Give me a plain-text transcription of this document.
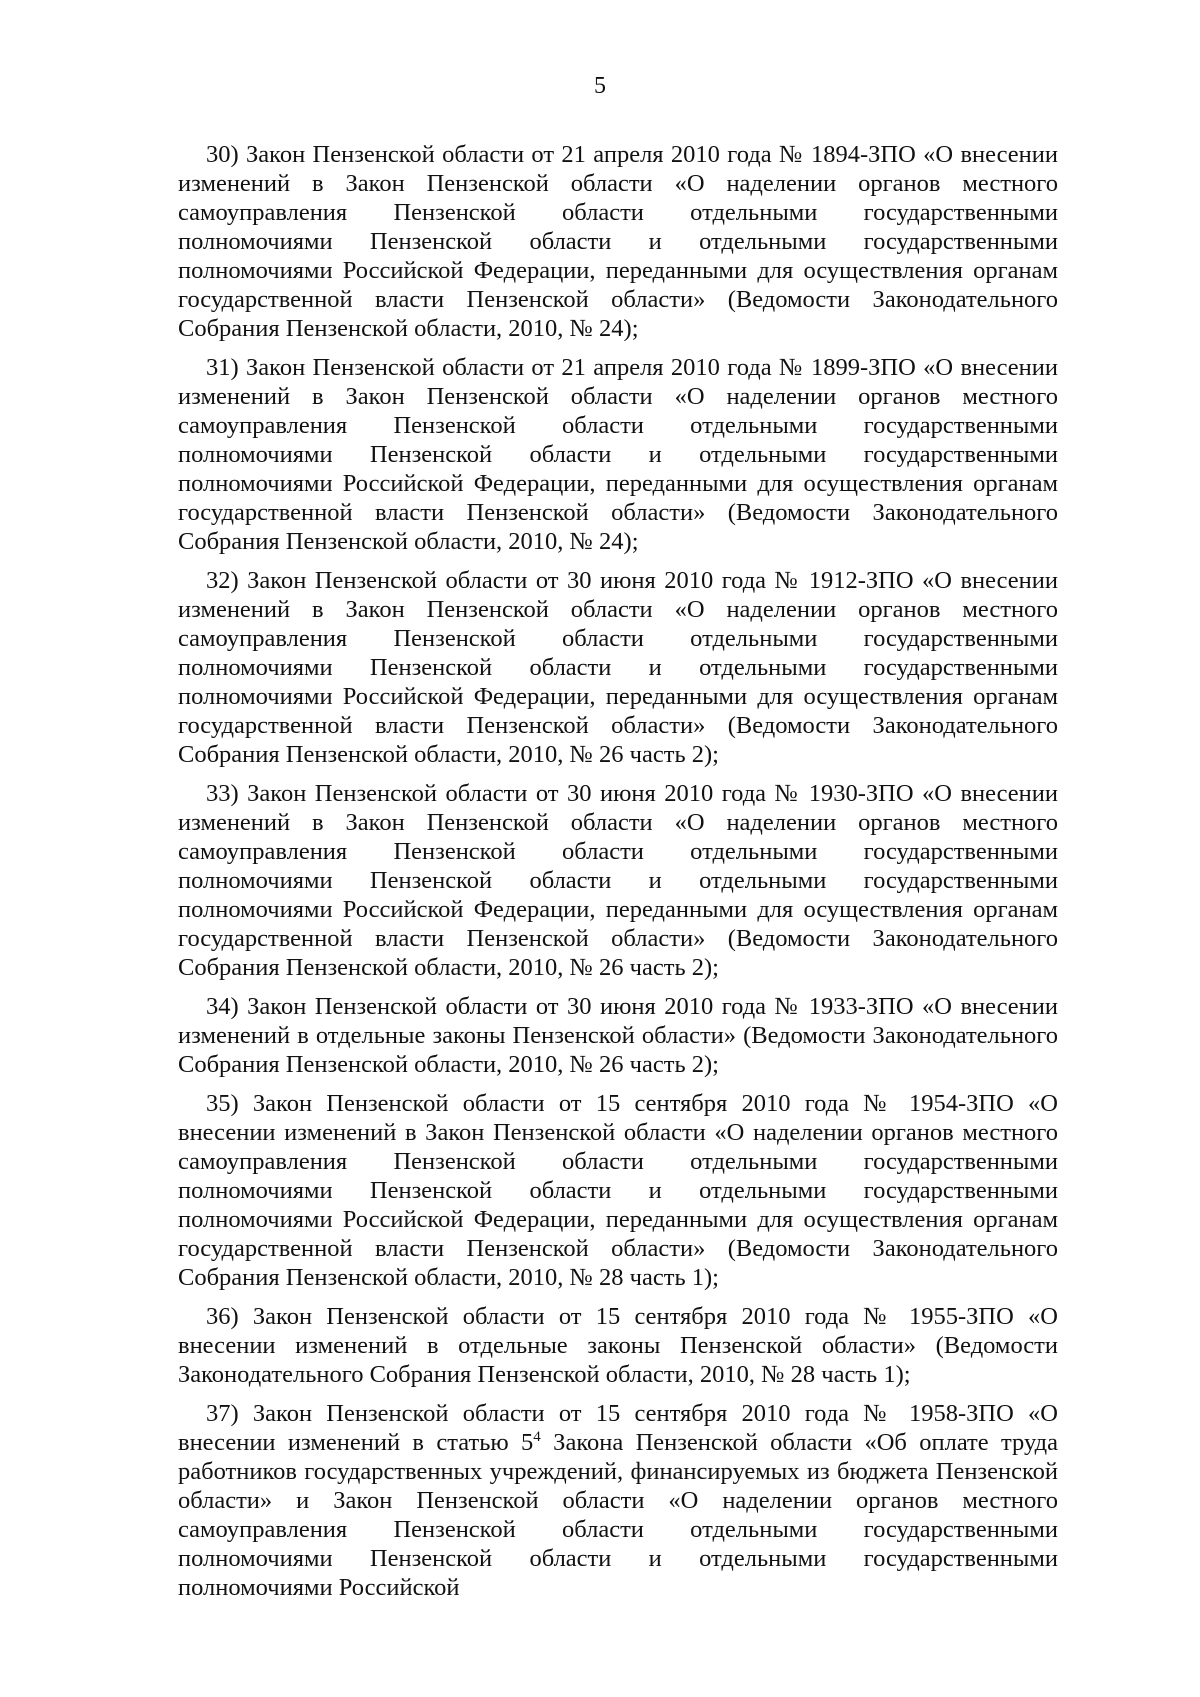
5

30) Закон Пензенской области от 21 апреля 2010 года № 1894-ЗПО «О внесении изменений в Закон Пензенской области «О наделении органов местного самоуправления Пензенской области отдельными государственными полномочиями Пензенской области и отдельными государственными полномочиями Российской Федерации, переданными для осуществления органам государственной власти Пензенской области» (Ведомости Законодательного Собрания Пензенской области, 2010, № 24);

31) Закон Пензенской области от 21 апреля 2010 года № 1899-ЗПО «О внесении изменений в Закон Пензенской области «О наделении органов местного самоуправления Пензенской области отдельными государственными полномочиями Пензенской области и отдельными государственными полномочиями Российской Федерации, переданными для осуществления органам государственной власти Пензенской области» (Ведомости Законодательного Собрания Пензенской области, 2010, № 24);

32) Закон Пензенской области от 30 июня 2010 года № 1912-ЗПО «О внесении изменений в Закон Пензенской области «О наделении органов местного самоуправления Пензенской области отдельными государственными полномочиями Пензенской области и отдельными государственными полномочиями Российской Федерации, переданными для осуществления органам государственной власти Пензенской области» (Ведомости Законодательного Собрания Пензенской области, 2010, № 26 часть 2);

33) Закон Пензенской области от 30 июня 2010 года № 1930-ЗПО «О внесении изменений в Закон Пензенской области «О наделении органов местного самоуправления Пензенской области отдельными государственными полномочиями Пензенской области и отдельными государственными полномочиями Российской Федерации, переданными для осуществления органам государственной власти Пензенской области» (Ведомости Законодательного Собрания Пензенской области, 2010, № 26 часть 2);

34) Закон Пензенской области от 30 июня 2010 года № 1933-ЗПО «О внесении изменений в отдельные законы Пензенской области» (Ведомости Законодательного Собрания Пензенской области, 2010, № 26 часть 2);

35) Закон Пензенской области от 15 сентября 2010 года № 1954-ЗПО «О внесении изменений в Закон Пензенской области «О наделении органов местного самоуправления Пензенской области отдельными государственными полномочиями Пензенской области и отдельными государственными полномочиями Российской Федерации, переданными для осуществления органам государственной власти Пензенской области» (Ведомости Законодательного Собрания Пензенской области, 2010, № 28 часть 1);

36) Закон Пензенской области от 15 сентября 2010 года № 1955-ЗПО «О внесении изменений в отдельные законы Пензенской области» (Ведомости Законодательного Собрания Пензенской области, 2010, № 28 часть 1);

37) Закон Пензенской области от 15 сентября 2010 года № 1958-ЗПО «О внесении изменений в статью $5^4$ Закона Пензенской области «Об оплате труда работников государственных учреждений, финансируемых из бюджета Пензенской области» и Закон Пензенской области «О наделении органов местного самоуправления Пензенской области отдельными государственными полномочиями Пензенской области и отдельными государственными полномочиями Российской
